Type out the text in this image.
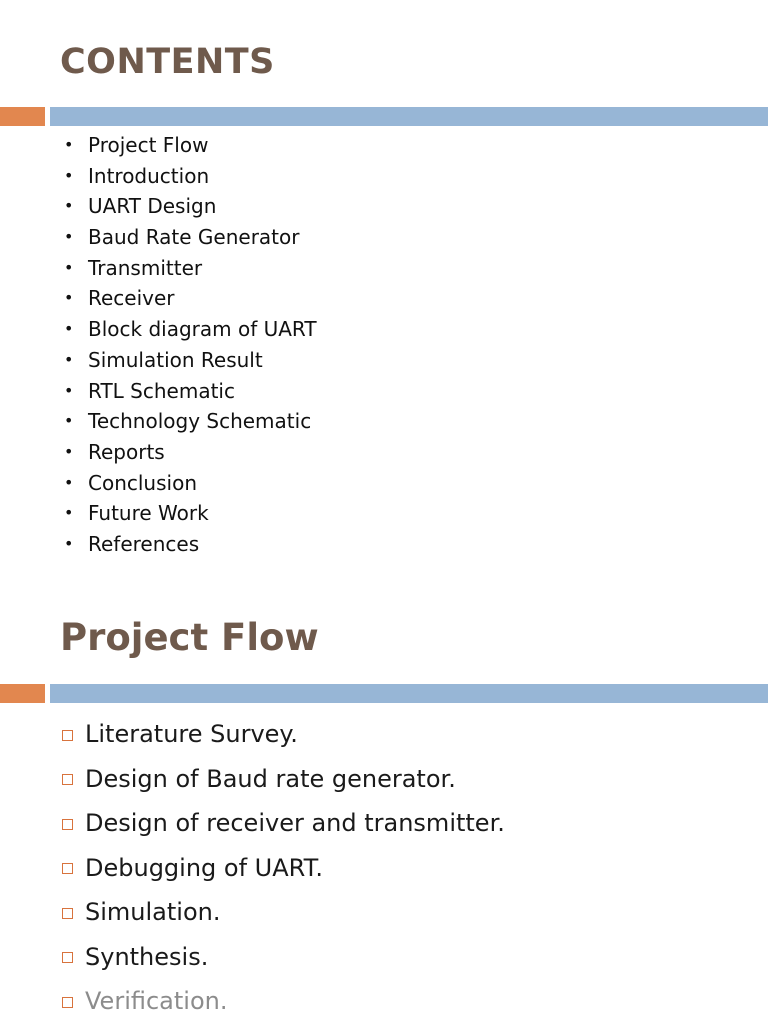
CONTENTS
• Project Flow
• Introduction
• UART Design
• Baud Rate Generator
• Transmitter
• Receiver
• Block diagram of UART
• Simulation Result
• RTL Schematic
• Technology Schematic
• Reports
• Conclusion
• Future Work
• References
Project Flow
Literature Survey.
Design of Baud rate generator.
Design of receiver and transmitter.
Debugging of UART.
Simulation.
Synthesis.
Verification.
